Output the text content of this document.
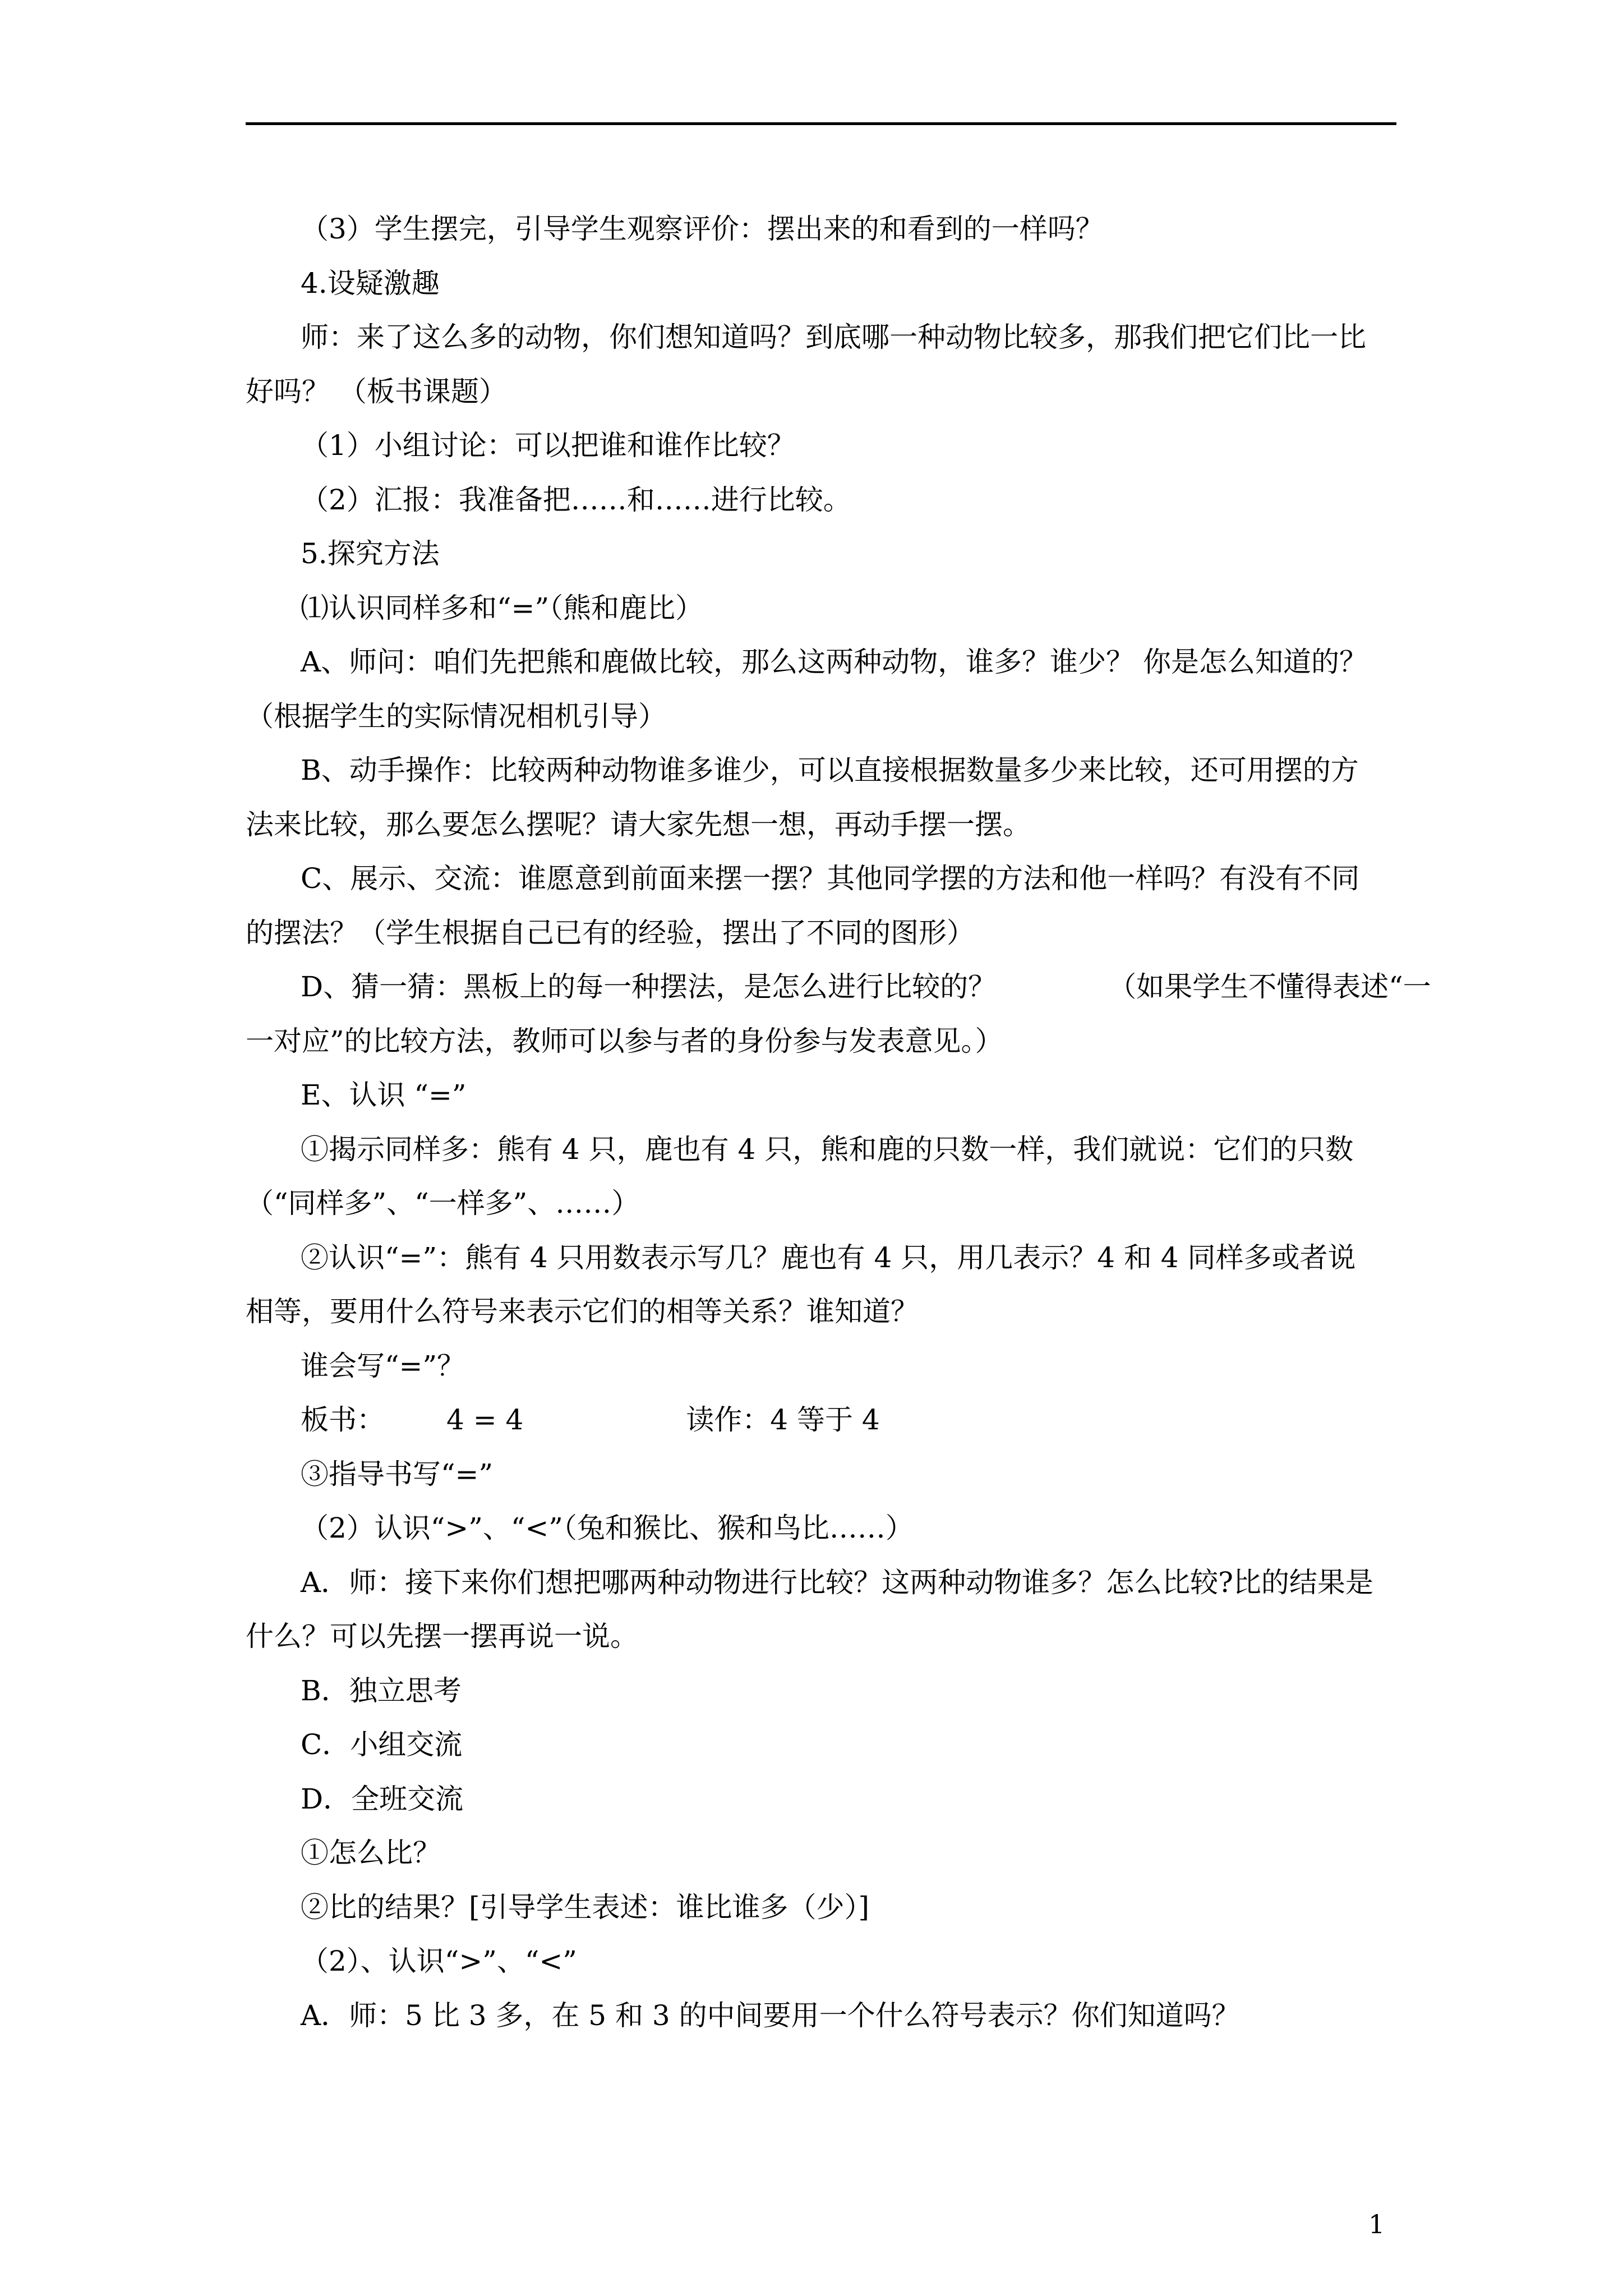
（3）学生摆完，引导学生观察评价：摆出来的和看到的一样吗？
4.设疑激趣
师：来了这么多的动物，你们想知道吗？到底哪一种动物比较多，那我们把它们比一比
好吗？ （板书课题）
（1）小组讨论：可以把谁和谁作比较？
（2）汇报：我准备把……和……进行比较。
5.探究方法
⑴认识同样多和“=”（熊和鹿比）
A、师问：咱们先把熊和鹿做比较，那么这两种动物，谁多？谁少？ 你是怎么知道的？
（根据学生的实际情况相机引导）
B、动手操作：比较两种动物谁多谁少，可以直接根据数量多少来比较，还可用摆的方
法来比较，那么要怎么摆呢？请大家先想一想，再动手摆一摆。
C、展示、交流：谁愿意到前面来摆一摆？其他同学摆的方法和他一样吗？有没有不同
的摆法？（学生根据自己已有的经验，摆出了不同的图形）
D、猜一猜：黑板上的每一种摆法，是怎么进行比较的？	（如果学生不懂得表述“一
一对应”的比较方法，教师可以参与者的身份参与发表意见。）
E、认识 “=”
①揭示同样多：熊有 4 只，鹿也有 4 只，熊和鹿的只数一样，我们就说：它们的只数
（“同样多”、“一样多”、……）
②认识“=”：熊有 4 只用数表示写几？鹿也有 4 只，用几表示？4 和 4 同样多或者说
相等，要用什么符号来表示它们的相等关系？谁知道？
谁会写“=”？
板书： 4 = 4	读作：4 等于 4
③指导书写“=”
（2）认识“>”、“<”（兔和猴比、猴和鸟比……）
A．师：接下来你们想把哪两种动物进行比较？这两种动物谁多？怎么比较?比的结果是
什么？可以先摆一摆再说一说。
B．独立思考
C．小组交流
D．全班交流
①怎么比？
②比的结果？[引导学生表述：谁比谁多（少）]
（2）、认识“>”、“<”
A．师：5 比 3 多，在 5 和 3 的中间要用一个什么符号表示？你们知道吗？
1
